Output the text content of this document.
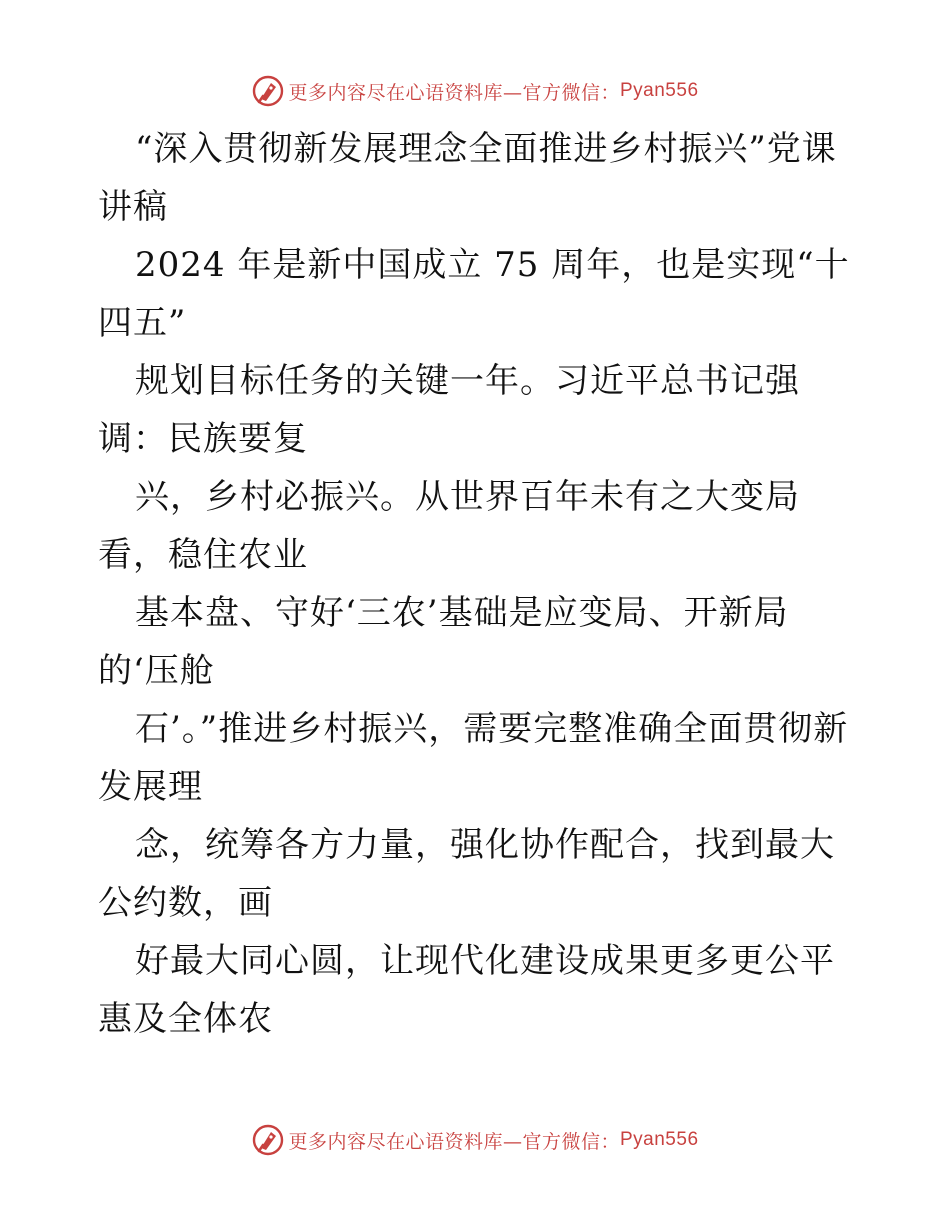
更多内容尽在心语资料库—官方微信： Pyan556

“深入贯彻新发展理念全面推进乡村振兴”党课讲稿

2024 年是新中国成立 75 周年，也是实现“十四五”

规划目标任务的关键一年。习近平总书记强调：民族要复

兴，乡村必振兴。从世界百年未有之大变局看，稳住农业

基本盘、守好‘三农’基础是应变局、开新局的‘压舱

石’。”推进乡村振兴，需要完整准确全面贯彻新发展理

念，统筹各方力量，强化协作配合，找到最大公约数，画

好最大同心圆，让现代化建设成果更多更公平惠及全体农

更多内容尽在心语资料库—官方微信： Pyan556
